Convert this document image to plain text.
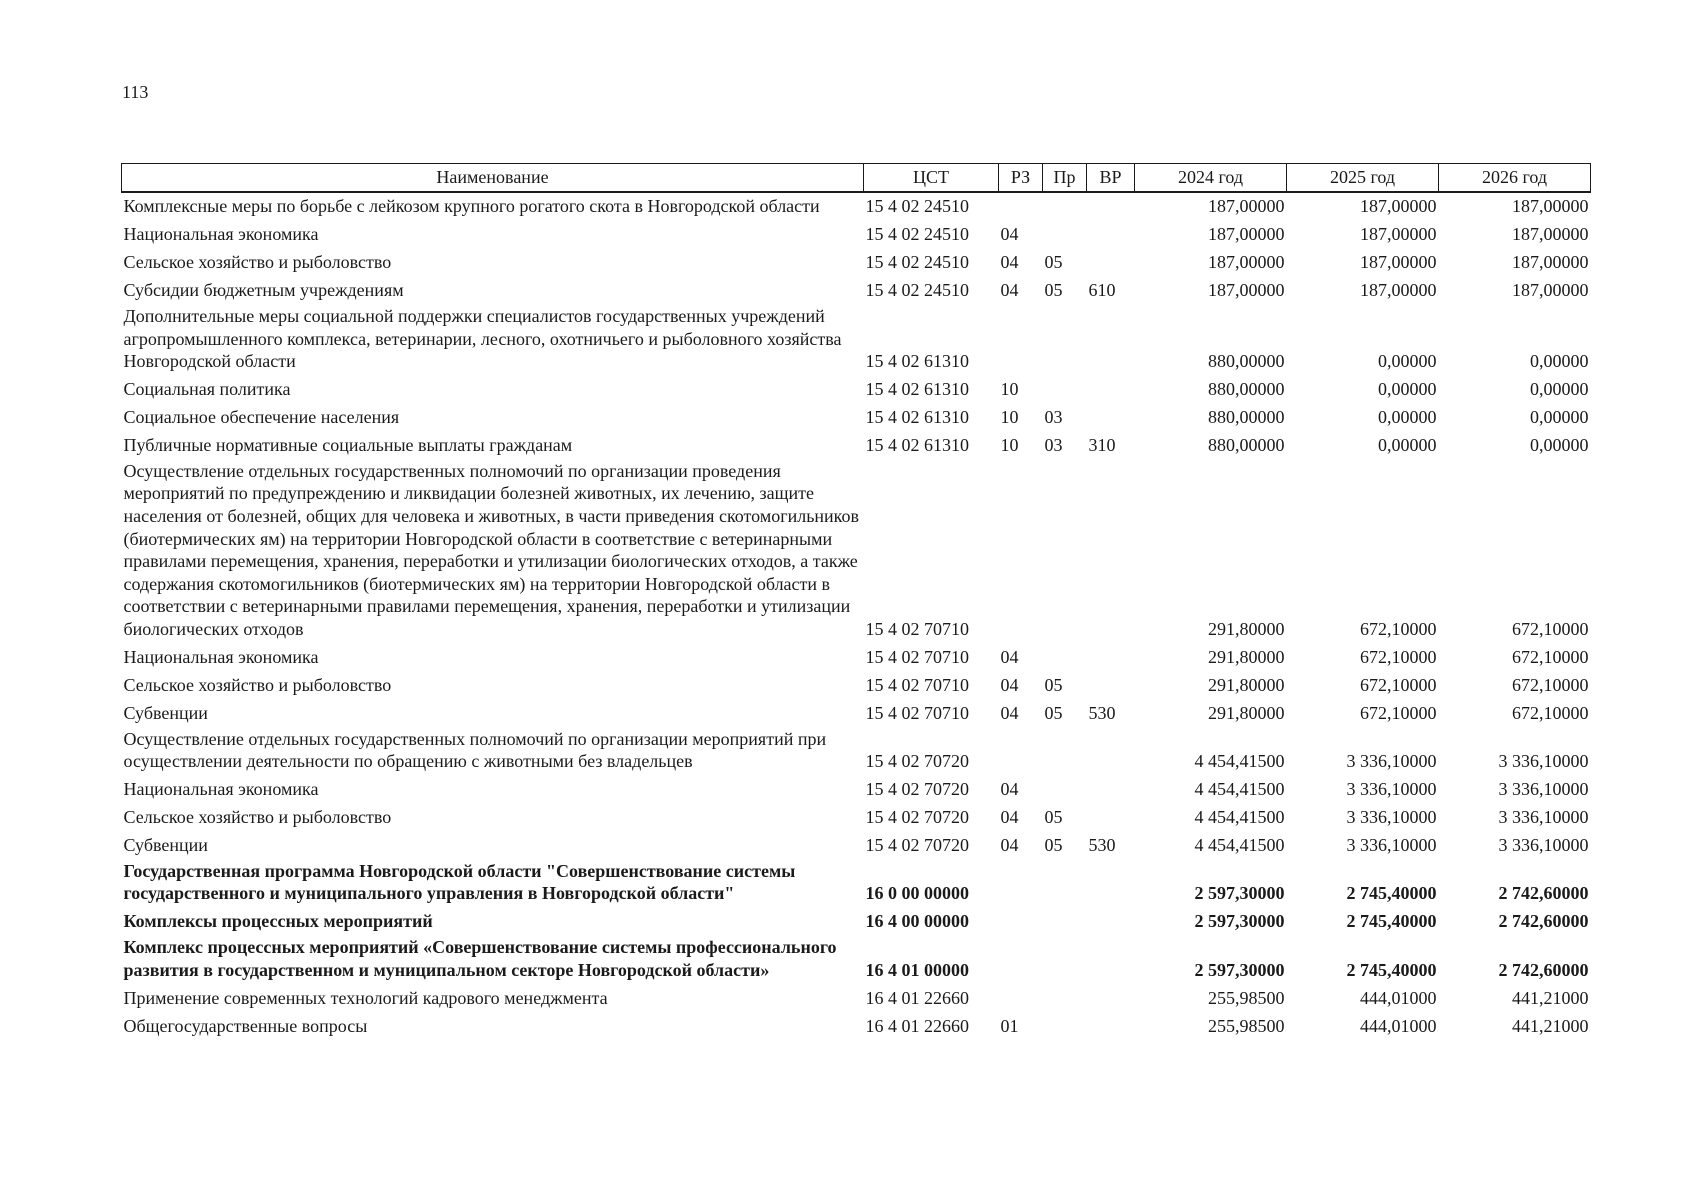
113
Наименование	ЦСТ	РЗ	Пр	ВР	2024 год	2025 год	2026 год
Комплексные меры по борьбе с лейкозом крупного рогатого скота в Новгородской области	15 4 02 24510				187,00000	187,00000	187,00000
Национальная экономика	15 4 02 24510	04			187,00000	187,00000	187,00000
Сельское хозяйство и рыболовство	15 4 02 24510	04	05		187,00000	187,00000	187,00000
Субсидии бюджетным учреждениям	15 4 02 24510	04	05	610	187,00000	187,00000	187,00000
Дополнительные меры социальной поддержки специалистов государственных учреждений агропромышленного комплекса, ветеринарии, лесного, охотничьего и рыболовного хозяйства Новгородской области	15 4 02 61310				880,00000	0,00000	0,00000
Социальная политика	15 4 02 61310	10			880,00000	0,00000	0,00000
Социальное обеспечение населения	15 4 02 61310	10	03		880,00000	0,00000	0,00000
Публичные нормативные социальные выплаты гражданам	15 4 02 61310	10	03	310	880,00000	0,00000	0,00000
Осуществление отдельных государственных полномочий по организации проведения мероприятий по предупреждению и ликвидации болезней животных, их лечению, защите населения от болезней, общих для человека и животных, в части приведения скотомогильников (биотермических ям) на территории Новгородской области в соответствие с ветеринарными правилами перемещения, хранения, переработки и утилизации биологических отходов, а также содержания скотомогильников (биотермических ям) на территории Новгородской области в соответствии с ветеринарными правилами перемещения, хранения, переработки и утилизации биологических отходов	15 4 02 70710				291,80000	672,10000	672,10000
Национальная экономика	15 4 02 70710	04			291,80000	672,10000	672,10000
Сельское хозяйство и рыболовство	15 4 02 70710	04	05		291,80000	672,10000	672,10000
Субвенции	15 4 02 70710	04	05	530	291,80000	672,10000	672,10000
Осуществление отдельных государственных полномочий по организации мероприятий при осуществлении деятельности по обращению с животными без владельцев	15 4 02 70720				4 454,41500	3 336,10000	3 336,10000
Национальная экономика	15 4 02 70720	04			4 454,41500	3 336,10000	3 336,10000
Сельское хозяйство и рыболовство	15 4 02 70720	04	05		4 454,41500	3 336,10000	3 336,10000
Субвенции	15 4 02 70720	04	05	530	4 454,41500	3 336,10000	3 336,10000
Государственная программа Новгородской области "Совершенствование системы государственного и муниципального управления в Новгородской области"	16 0 00 00000				2 597,30000	2 745,40000	2 742,60000
Комплексы процессных мероприятий	16 4 00 00000				2 597,30000	2 745,40000	2 742,60000
Комплекс процессных мероприятий «Совершенствование системы профессионального развития в государственном и муниципальном секторе Новгородской области»	16 4 01 00000				2 597,30000	2 745,40000	2 742,60000
Применение современных технологий кадрового менеджмента	16 4 01 22660				255,98500	444,01000	441,21000
Общегосударственные вопросы	16 4 01 22660	01			255,98500	444,01000	441,21000
